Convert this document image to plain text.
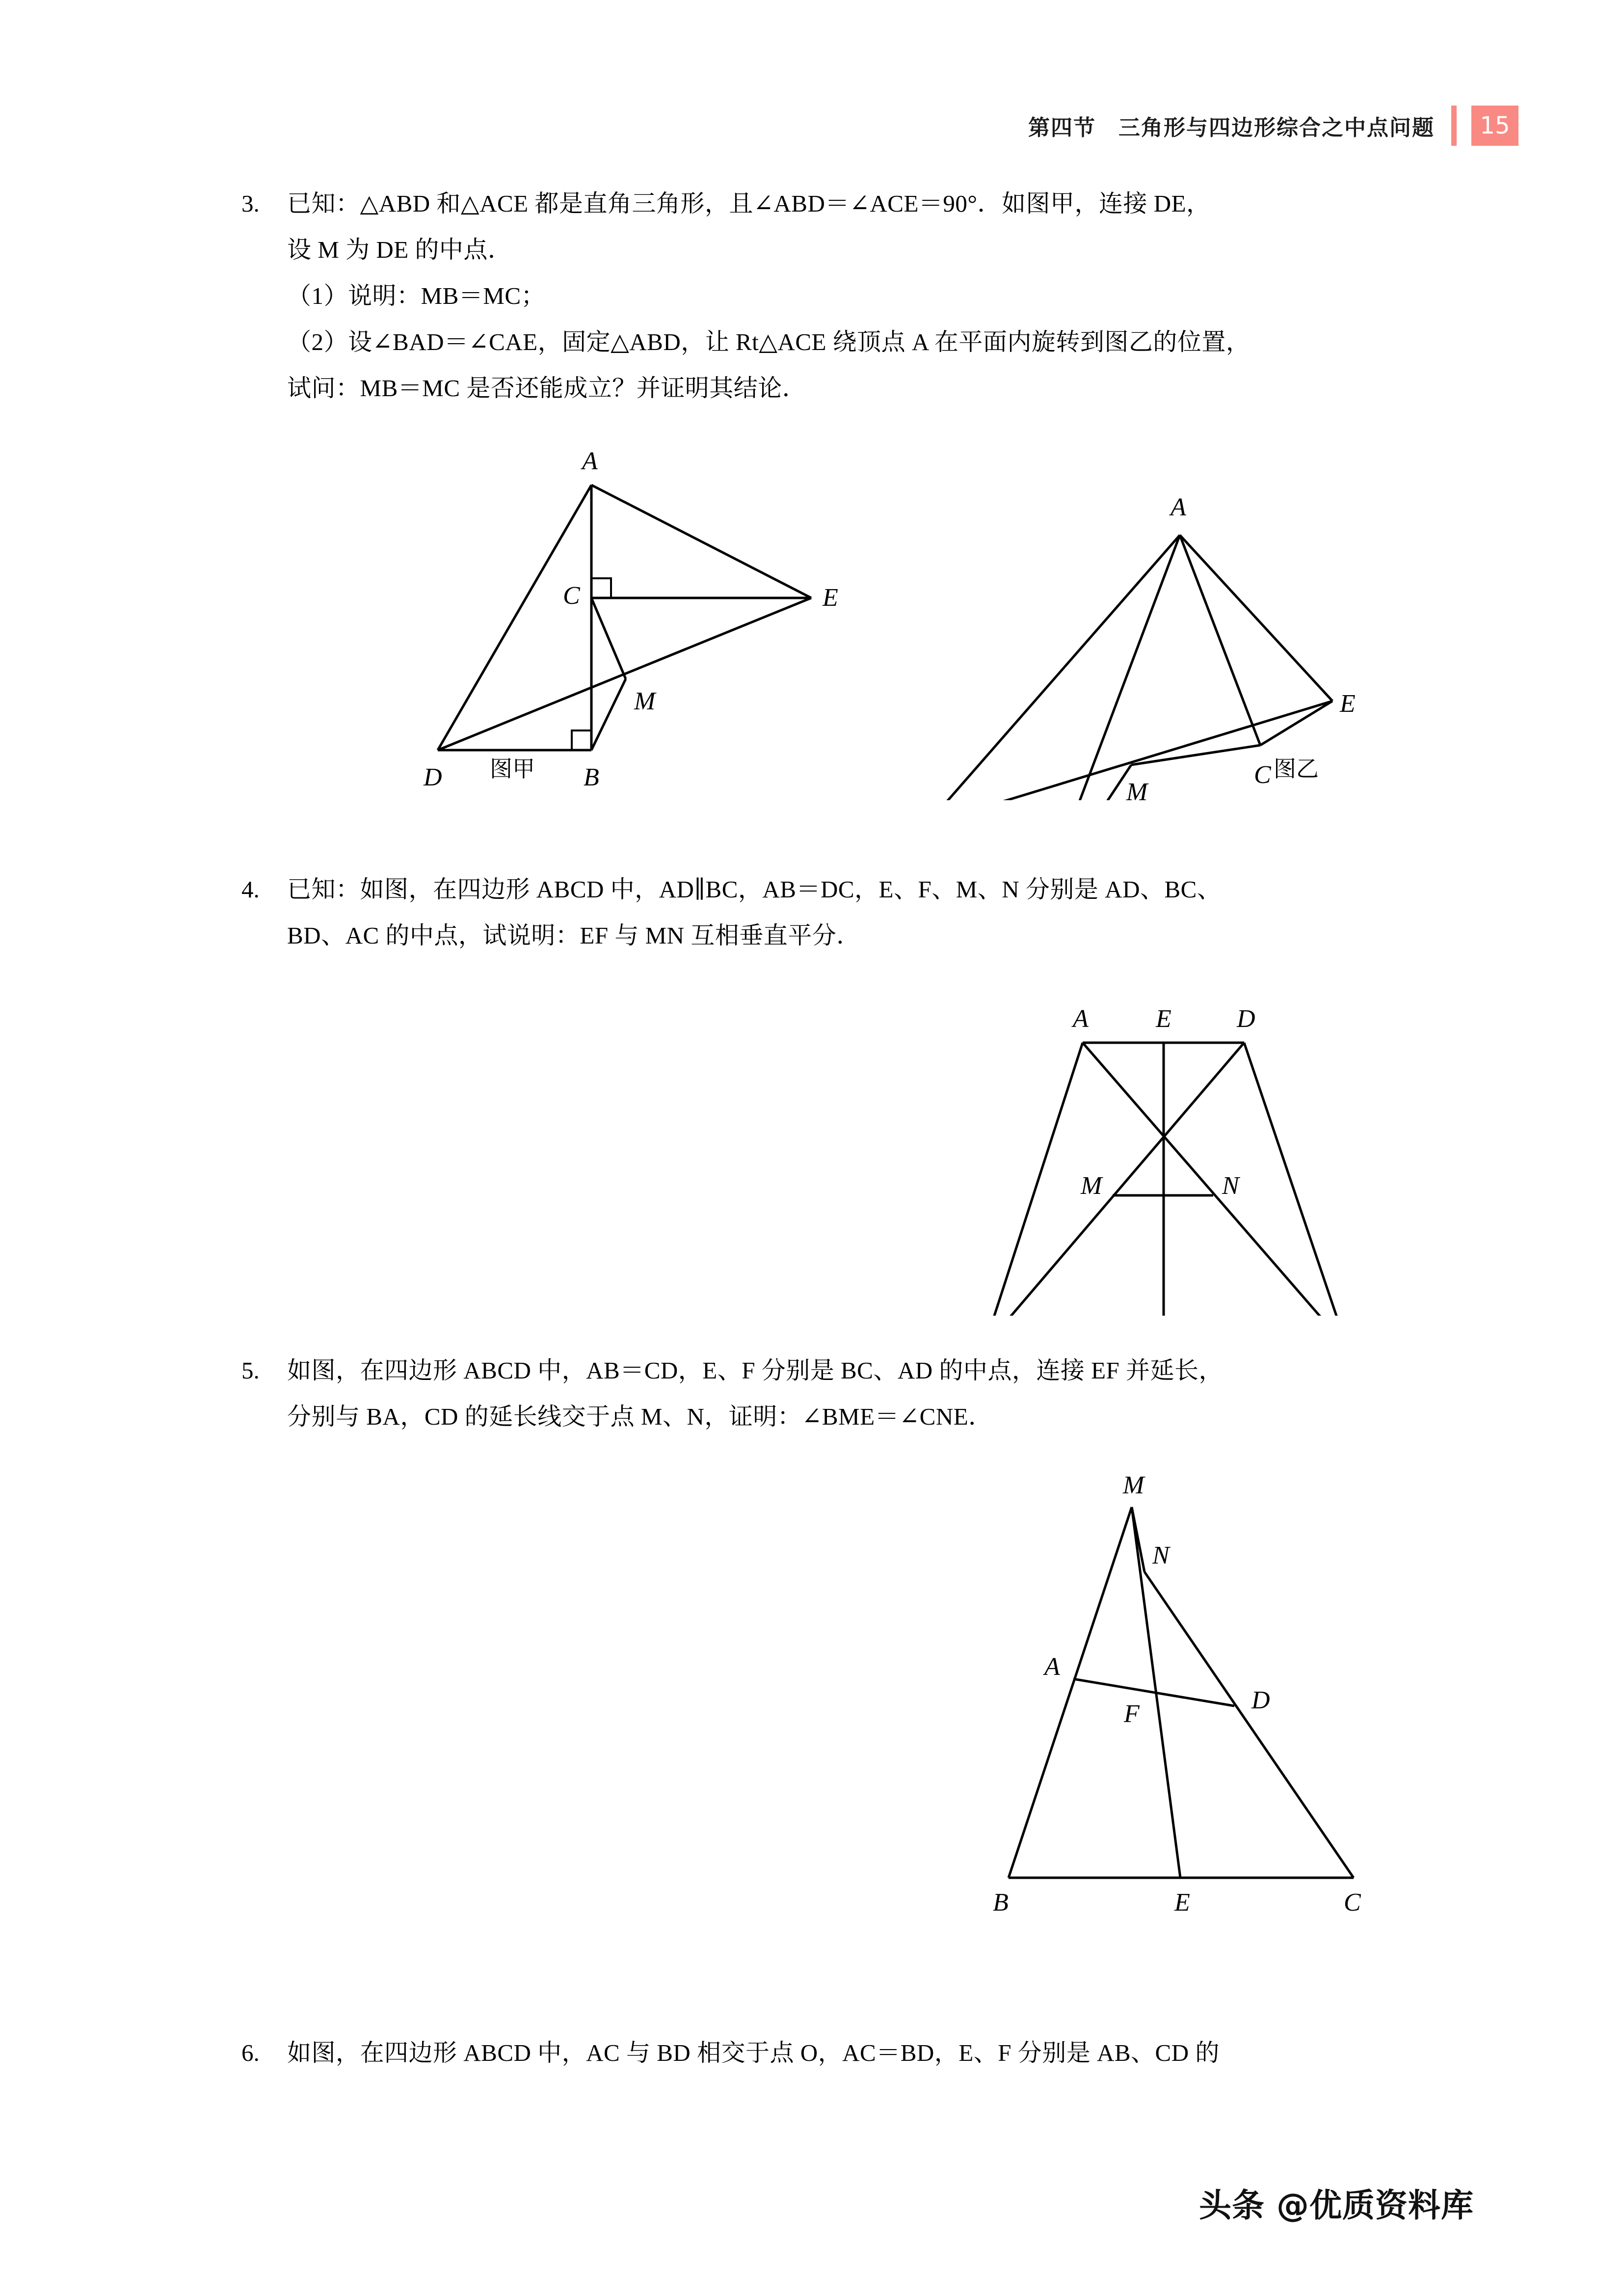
第四节　三角形与四边形综合之中点问题	15
3. 已知：△ABD 和△ACE 都是直角三角形，且∠ABD＝∠ACE＝90°．如图甲，连接 DE，
设 M 为 DE 的中点．
（1）说明：MB＝MC；
（2）设∠BAD＝∠CAE，固定△ABD，让 Rt△ACE 绕顶点 A 在平面内旋转到图乙的位置，
试问：MB＝MC 是否还能成立？并证明其结论．
A
B
C
D
E
M
图甲
A
C
E
M
图乙
4. 已知：如图，在四边形 ABCD 中，AD∥BC，AB＝DC，E、F、M、N 分别是 AD、BC、
BD、AC 的中点，试说明：EF 与 MN 互相垂直平分．
A	E	D
M	N
5. 如图，在四边形 ABCD 中，AB＝CD，E、F 分别是 BC、AD 的中点，连接 EF 并延长，
分别与 BA，CD 的延长线交于点 M、N，证明：∠BME＝∠CNE．
M
N
A
F	D
B	E	C
6. 如图，在四边形 ABCD 中，AC 与 BD 相交于点 O，AC＝BD，E、F 分别是 AB、CD 的
头条 @优质资料库
